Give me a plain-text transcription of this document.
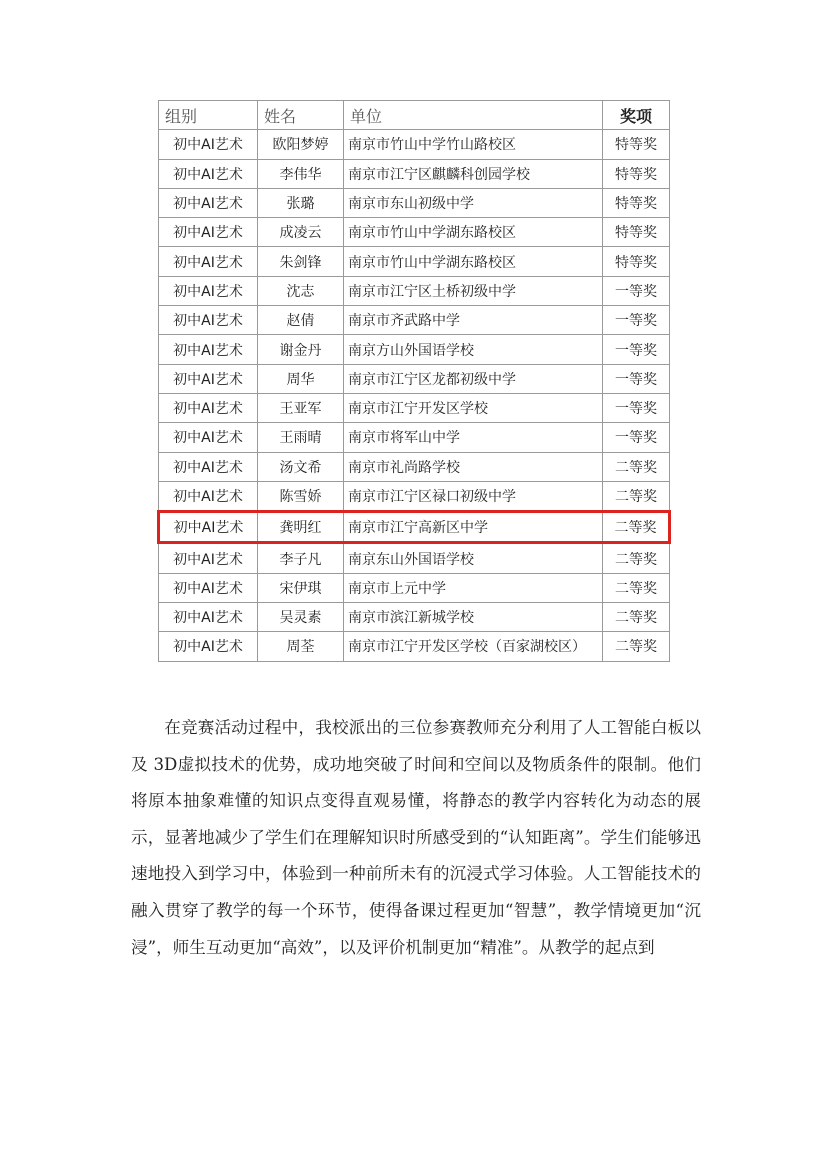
组别	姓名	单位	奖项
初中AI艺术	欧阳梦婷	南京市竹山中学竹山路校区	特等奖
初中AI艺术	李伟华	南京市江宁区麒麟科创园学校	特等奖
初中AI艺术	张璐	南京市东山初级中学	特等奖
初中AI艺术	成凌云	南京市竹山中学湖东路校区	特等奖
初中AI艺术	朱剑锋	南京市竹山中学湖东路校区	特等奖
初中AI艺术	沈志	南京市江宁区土桥初级中学	一等奖
初中AI艺术	赵倩	南京市齐武路中学	一等奖
初中AI艺术	谢金丹	南京方山外国语学校	一等奖
初中AI艺术	周华	南京市江宁区龙都初级中学	一等奖
初中AI艺术	王亚军	南京市江宁开发区学校	一等奖
初中AI艺术	王雨晴	南京市将军山中学	一等奖
初中AI艺术	汤文希	南京市礼尚路学校	二等奖
初中AI艺术	陈雪娇	南京市江宁区禄口初级中学	二等奖
初中AI艺术	龚明红	南京市江宁高新区中学	二等奖
初中AI艺术	李子凡	南京东山外国语学校	二等奖
初中AI艺术	宋伊琪	南京市上元中学	二等奖
初中AI艺术	吴灵素	南京市滨江新城学校	二等奖
初中AI艺术	周荃	南京市江宁开发区学校（百家湖校区）	二等奖

在竞赛活动过程中，我校派出的三位参赛教师充分利用了人工智能白板以及 3D虚拟技术的优势，成功地突破了时间和空间以及物质条件的限制。他们将原本抽象难懂的知识点变得直观易懂，将静态的教学内容转化为动态的展示，显著地减少了学生们在理解知识时所感受到的“认知距离”。学生们能够迅速地投入到学习中，体验到一种前所未有的沉浸式学习体验。人工智能技术的融入贯穿了教学的每一个环节，使得备课过程更加“智慧”，教学情境更加“沉浸”，师生互动更加“高效”，以及评价机制更加“精准”。从教学的起点到
